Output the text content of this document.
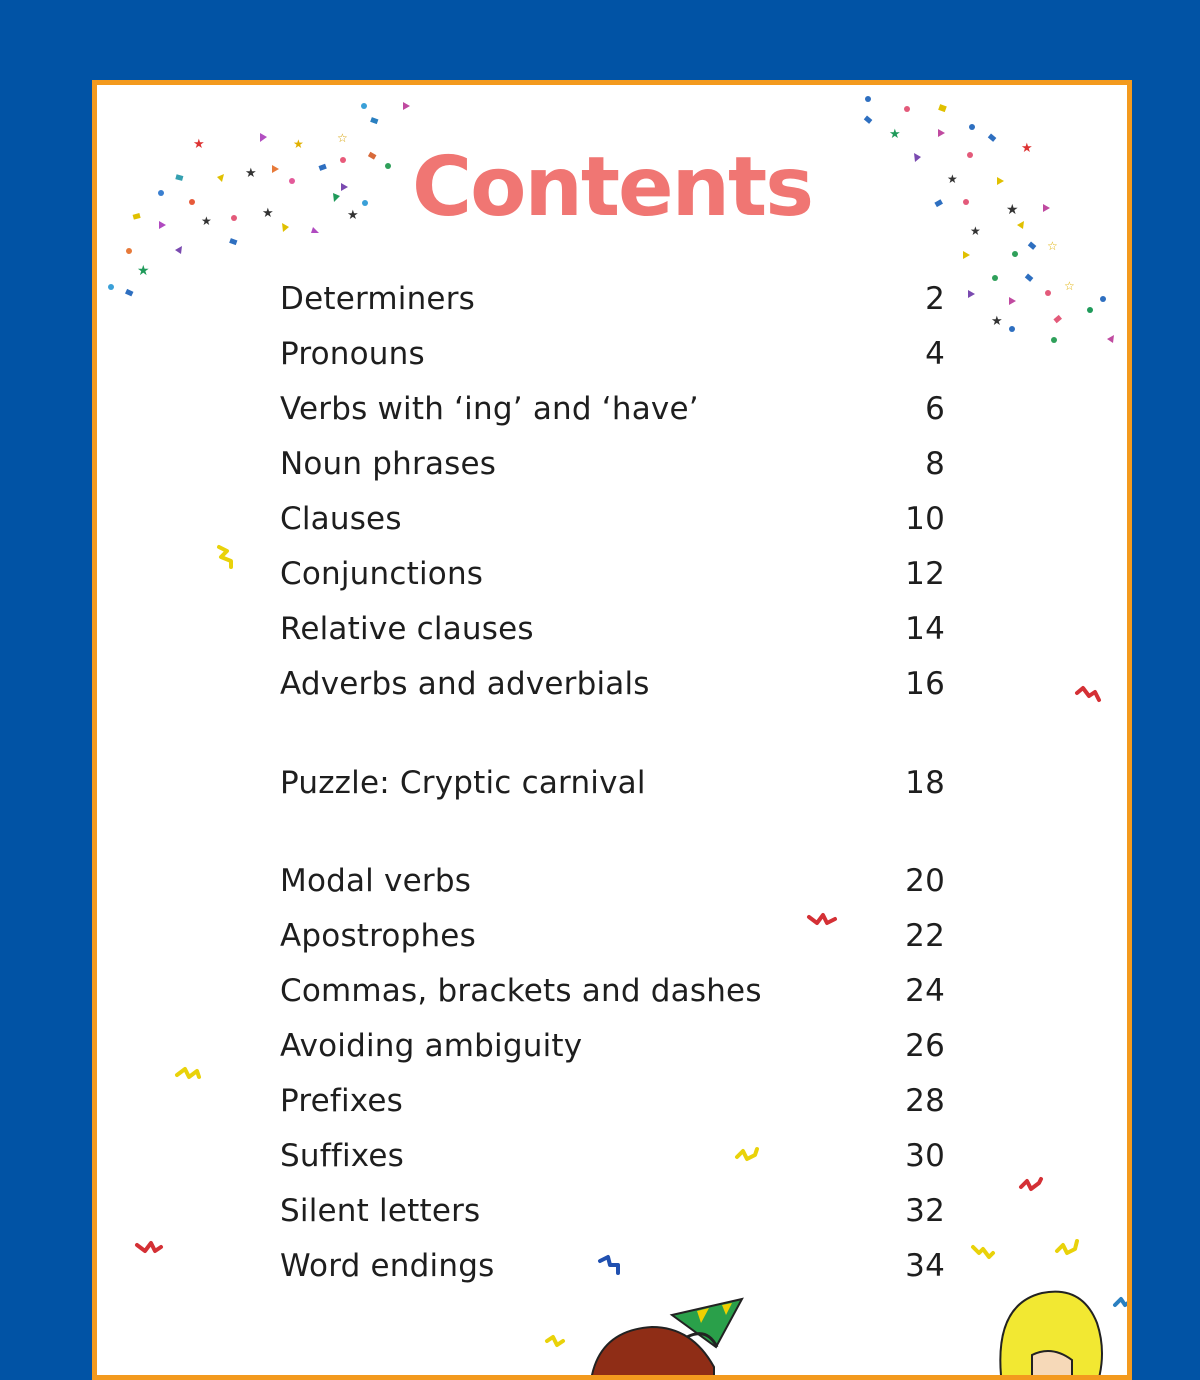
★	★	☆
★
★	★
★
★
★
★
★
★
★
☆
☆
★
Contents
Determiners	2
Pronouns	4
Verbs with ‘ing’ and ‘have’	6
Noun phrases	8
Clauses	10
Conjunctions	12
Relative clauses	14
Adverbs and adverbials	16
Puzzle: Cryptic carnival	18
Modal verbs	20
Apostrophes	22
Commas, brackets and dashes	24
Avoiding ambiguity	26
Prefixes	28
Suffixes	30
Silent letters	32
Word endings	34
